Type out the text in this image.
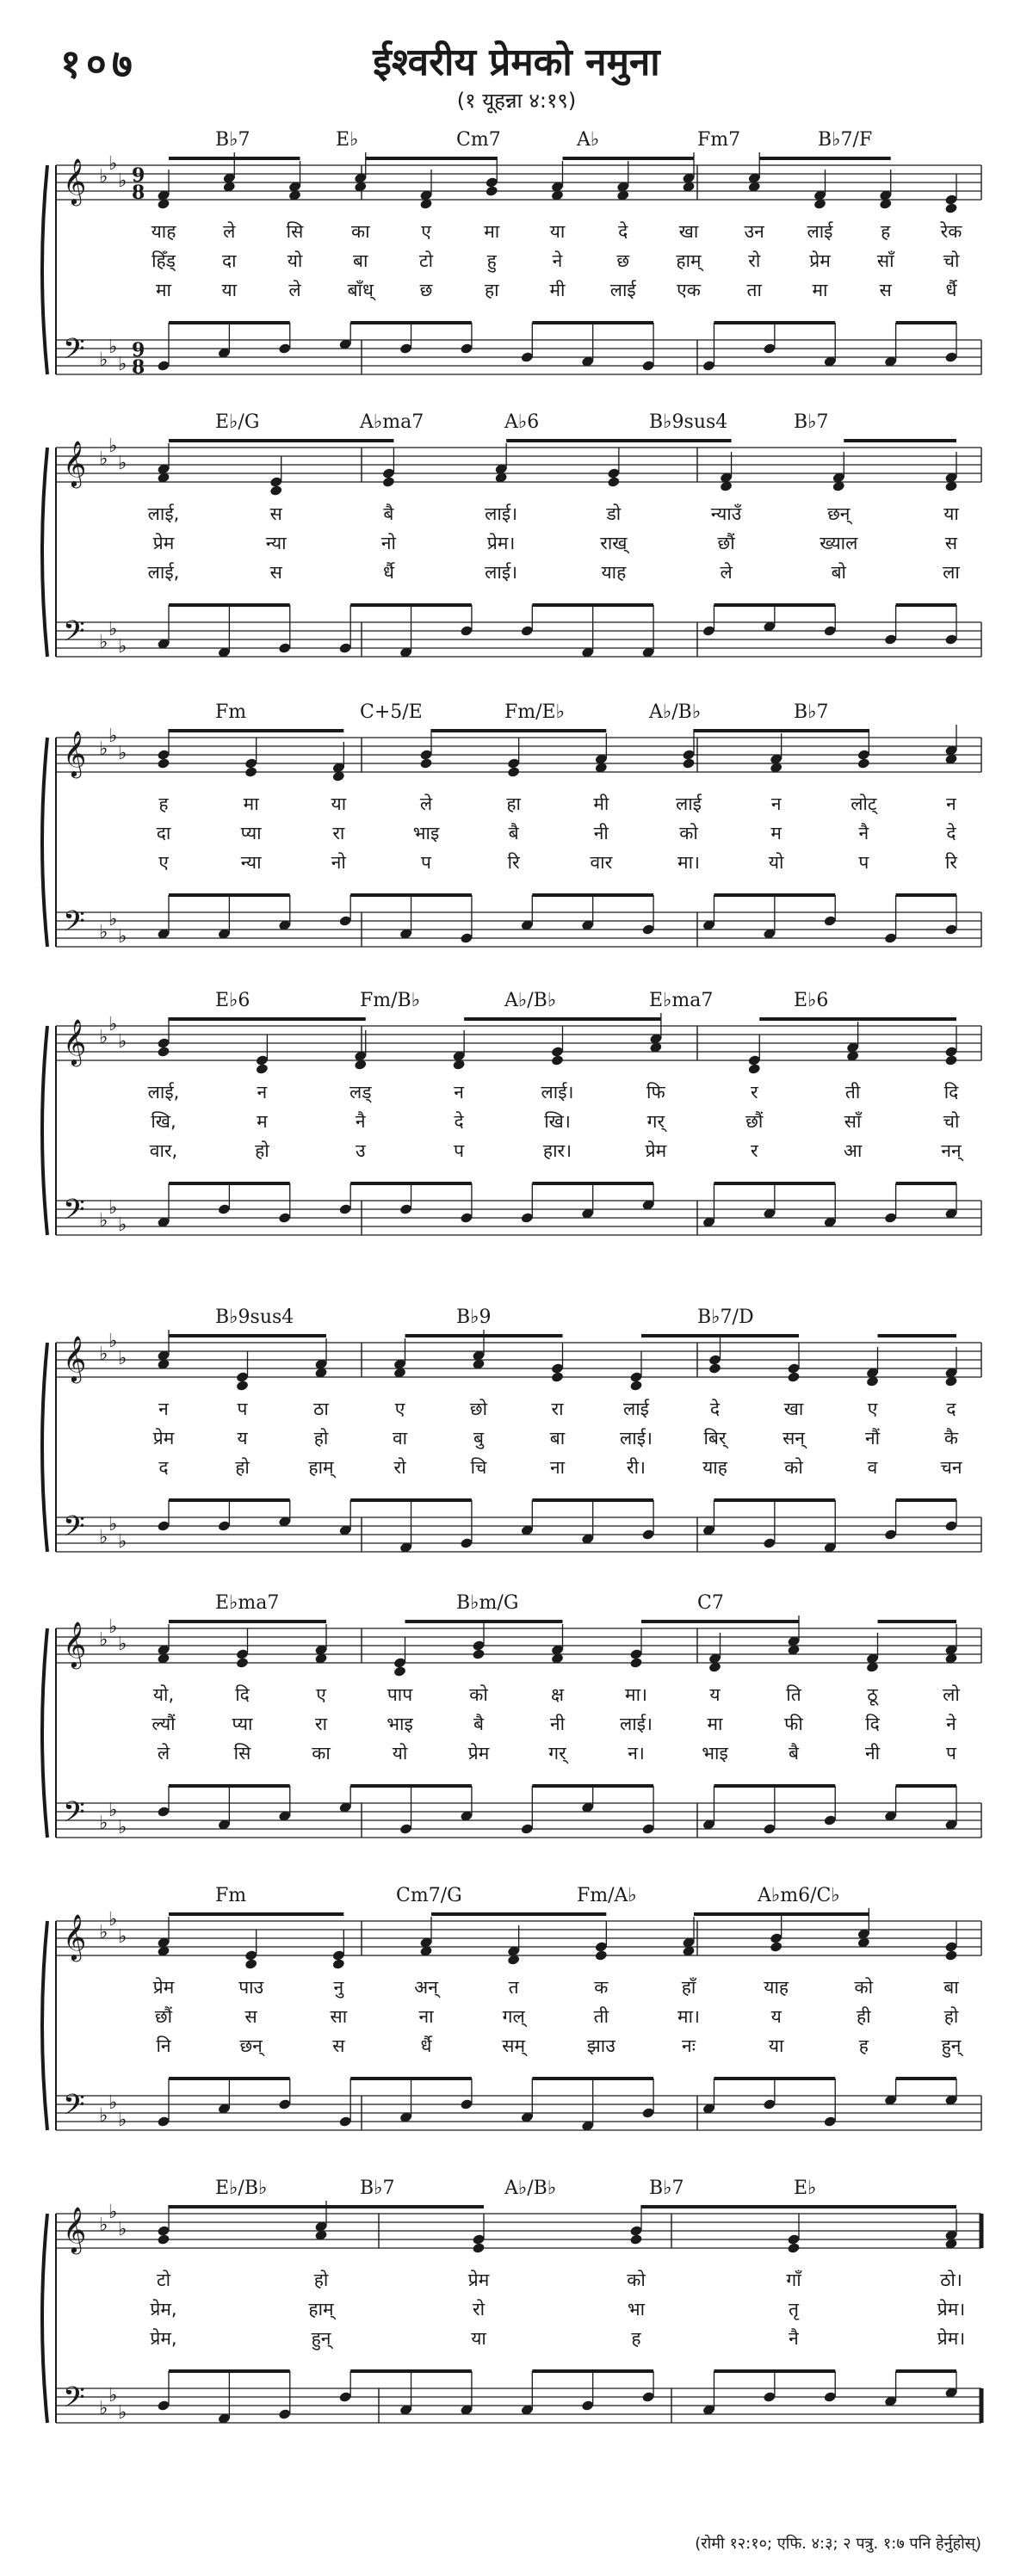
१०७	ईश्वरीय प्रेमको नमुना
(१ यूहन्ना ४:१९)
B♭7	E♭	Cm7	A♭	Fm7	B♭7/F
𝄞 ♭
♭
♭ 9
8
𝄢 ♭
♭
♭
9
8
याह	ले	सि	का	ए	मा	या	दे	खा	उन लाई	ह	रेक
हिँड्	दा	यो	बा	टो	हु	ने	छ	हाम्	रो	प्रेम	साँ	चो
मा	या	ले	बाँध्	छ	हा	मी लाई एक	ता	मा	स	र्धै
E♭/G	A♭ma7	A♭6	B♭9sus4	B♭7
𝄞 ♭
♭
♭
𝄢 ♭
♭
♭
लाई,	स	बै	लाई।	डो	न्याउँ	छन्	या
प्रेम	न्या	नो	प्रेम।	राख्	छौं	ख्याल	स
लाई,	स	र्धै	लाई।	याह	ले	बो	ला
Fm	C+5/E	Fm/E♭	A♭/B♭	B♭7
𝄞 ♭
♭
♭
𝄢 ♭
♭
♭
ह	मा	या	ले	हा	मी	लाई	न	लोट्	न
दा	प्या	रा	भाइ	बै	नी	को	म	नै	दे
ए	न्या	नो	प	रि	वार	मा।	यो	प	रि
E♭6	Fm/B♭	A♭/B♭	E♭ma7	E♭6
𝄞 ♭
♭
♭
𝄢 ♭
♭
♭
लाई,	न	लड्	न	लाई।	फि	र	ती	दि
खि,	म	नै	दे	खि।	गर्	छौं	साँ	चो
वार,	हो	उ	प	हार।	प्रेम	र	आ	नन्
B♭9sus4	B♭9	B♭7/D
𝄞 ♭
♭
♭
𝄢 ♭
♭
♭
न	प	ठा	ए	छो	रा	लाई	दे	खा	ए	द
प्रेम	य	हो	वा	बु	बा	लाई।	बिर्	सन्	नौं	कै
द	हो	हाम्	रो	चि	ना	री।	याह	को	व	चन
E♭ma7	B♭m/G	C7
𝄞 ♭
♭
♭
𝄢 ♭
♭
♭
यो,	दि	ए	पाप	को	क्ष	मा।	य	ति	ठू	लो
ल्यौं	प्या	रा	भाइ	बै	नी	लाई।	मा	फी	दि	ने
ले	सि	का	यो	प्रेम	गर्	न।	भाइ	बै	नी	प
Fm	Cm7/G	Fm/A♭	A♭m6/C♭
𝄞 ♭
♭
♭
𝄢 ♭
♭
♭
प्रेम	पाउ	नु	अन्	त	क	हाँ	याह	को	बा
छौं	स	सा	ना	गल्	ती	मा।	य	ही	हो
नि	छन्	स	र्धै	सम्	झाउ	नः	या	ह	हुन्
E♭/B♭	B♭7	A♭/B♭	B♭7	E♭
𝄞 ♭
♭
♭
𝄢 ♭
♭
♭
टो	हो	प्रेम	को	गाँ	ठो।
प्रेम,	हाम्	रो	भा	तृ	प्रेम।
प्रेम,	हुन्	या	ह	नै	प्रेम।
(रोमी १२:१०; एफि. ४:३; २ पत्रु. १:७ पनि हेर्नुहोस्)
